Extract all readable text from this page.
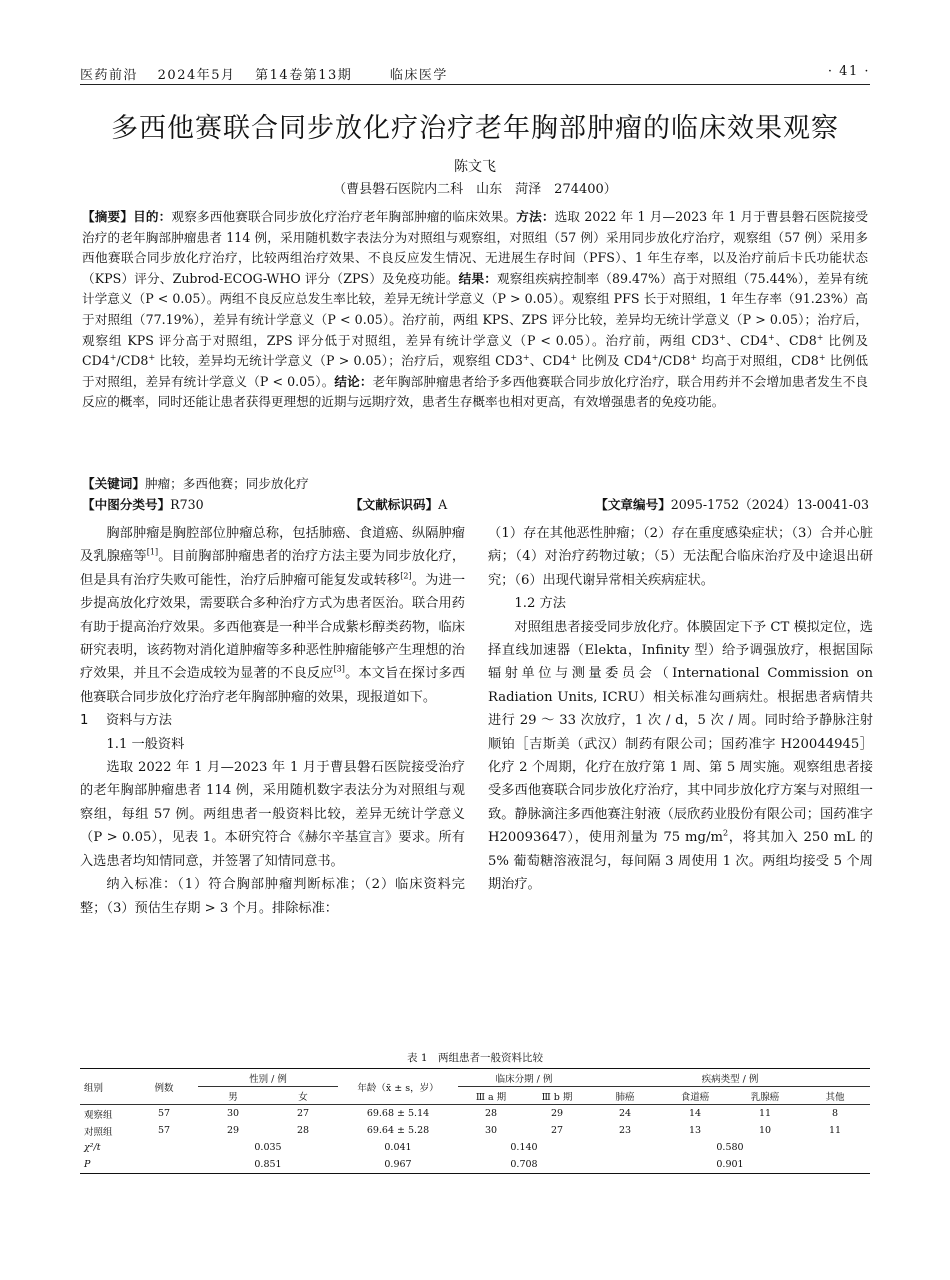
医药前沿 2024年5月 第14卷第13期	临床医学	· 41 ·
多西他赛联合同步放化疗治疗老年胸部肿瘤的临床效果观察
陈文飞
（曹县磐石医院内二科　山东　菏泽　274400）
【摘要】目的：观察多西他赛联合同步放化疗治疗老年胸部肿瘤的临床效果。方法：选取 2022 年 1 月—2023 年 1 月于曹县磐石医院接受治疗的老年胸部肿瘤患者 114 例，采用随机数字表法分为对照组与观察组，对照组（57 例）采用同步放化疗治疗，观察组（57 例）采用多西他赛联合同步放化疗治疗，比较两组治疗效果、不良反应发生情况、无进展生存时间（PFS）、1 年生存率，以及治疗前后卡氏功能状态（KPS）评分、Zubrod-ECOG-WHO 评分（ZPS）及免疫功能。结果：观察组疾病控制率（89.47%）高于对照组（75.44%），差异有统计学意义（P < 0.05）。两组不良反应总发生率比较，差异无统计学意义（P > 0.05）。观察组 PFS 长于对照组，1 年生存率（91.23%）高于对照组（77.19%），差异有统计学意义（P < 0.05）。治疗前，两组 KPS、ZPS 评分比较，差异均无统计学意义（P > 0.05）；治疗后，观察组 KPS 评分高于对照组，ZPS 评分低于对照组，差异有统计学意义（P < 0.05）。治疗前，两组 CD3+、CD4+、CD8+ 比例及 CD4+/CD8+ 比较，差异均无统计学意义（P > 0.05）；治疗后，观察组 CD3+、CD4+ 比例及 CD4+/CD8+ 均高于对照组，CD8+ 比例低于对照组，差异有统计学意义（P < 0.05）。结论：老年胸部肿瘤患者给予多西他赛联合同步放化疗治疗，联合用药并不会增加患者发生不良反应的概率，同时还能让患者获得更理想的近期与远期疗效，患者生存概率也相对更高，有效增强患者的免疫功能。
【关键词】肿瘤；多西他赛；同步放化疗
【中图分类号】R730	【文献标识码】A	【文章编号】2095-1752（2024）13-0041-03

胸部肿瘤是胸腔部位肿瘤总称，包括肺癌、食道癌、纵隔肿瘤及乳腺癌等[1]。目前胸部肿瘤患者的治疗方法主要为同步放化疗，但是具有治疗失败可能性，治疗后肿瘤可能复发或转移[2]。为进一步提高放化疗效果，需要联合多种治疗方式为患者医治。联合用药有助于提高治疗效果。多西他赛是一种半合成紫杉醇类药物，临床研究表明，该药物对消化道肿瘤等多种恶性肿瘤能够产生理想的治疗效果，并且不会造成较为显著的不良反应[3]。本文旨在探讨多西他赛联合同步放化疗治疗老年胸部肿瘤的效果，现报道如下。

1 资料与方法

1.1 一般资料

选取 2022 年 1 月—2023 年 1 月于曹县磐石医院接受治疗的老年胸部肿瘤患者 114 例，采用随机数字表法分为对照组与观察组，每组 57 例。两组患者一般资料比较，差异无统计学意义（P > 0.05），见表 1。本研究符合《赫尔辛基宣言》要求。所有入选患者均知情同意，并签署了知情同意书。

纳入标准：（1）符合胸部肿瘤判断标准；（2）临床资料完整；（3）预估生存期 > 3 个月。排除标准：

（1）存在其他恶性肿瘤；（2）存在重度感染症状；（3）合并心脏病；（4）对治疗药物过敏；（5）无法配合临床治疗及中途退出研究；（6）出现代谢异常相关疾病症状。

1.2 方法

对照组患者接受同步放化疗。体膜固定下予 CT 模拟定位，选择直线加速器（Elekta，Infinity 型）给予调强放疗，根据国际辐射单位与测量委员会（International Commission on Radiation Units, ICRU）相关标准勾画病灶。根据患者病情共进行 29 ～ 33 次放疗，1 次 / d，5 次 / 周。同时给予静脉注射顺铂［吉斯美（武汉）制药有限公司；国药准字 H20044945］化疗 2 个周期，化疗在放疗第 1 周、第 5 周实施。观察组患者接受多西他赛联合同步放化疗治疗，其中同步放化疗方案与对照组一致。静脉滴注多西他赛注射液（辰欣药业股份有限公司；国药准字 H20093647），使用剂量为 75 $mg/m^2$，将其加入 250 mL 的 5% 葡萄糖溶液混匀，每间隔 3 周使用 1 次。两组均接受 5 个周期治疗。

表 1　两组患者一般资料比较
组别	例数	性别 / 例		年龄（x̄ ± s，岁）	临床分期 / 例		疾病类型 / 例			
		男	女		Ⅲ a 期	Ⅲ b 期	肺癌	食道癌	乳腺癌	其他
观察组	57	30	27	69.68 ± 5.14	28	29	24	14	11	8
对照组	57	29	28	69.64 ± 5.28	30	27	23	13	10	11
χ²/t		0.035		0.041	0.140		0.580			
P		0.851		0.967	0.708		0.901			
